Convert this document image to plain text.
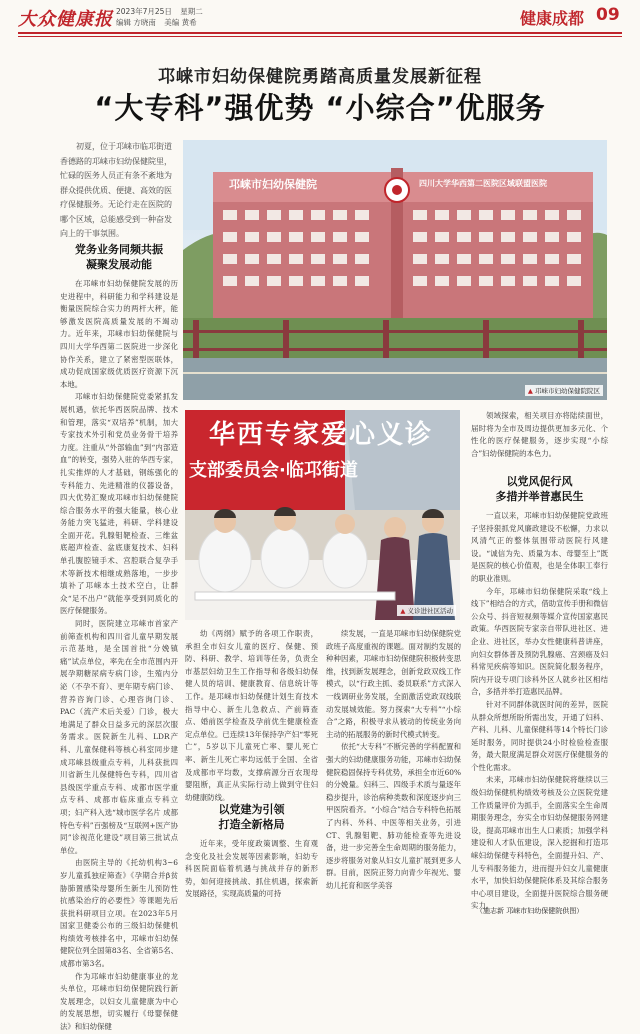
大众健康报 2023年7月25日 星期二
编辑 方晓南 美编 黄希	健康成都 09
邛崃市妇幼保健院勇踏高质量发展新征程
“大专科”强优势 “小综合”优服务
初夏，位于邛崃市临邛街道香德路的邛崃市妇幼保健院里，忙碌的医务人员正有条不紊地为群众提供优质、便捷、高效的医疗保健服务。无论行走在医院的哪个区域，总能感受到一种奋发向上的干事氛围。
邛崃市妇幼保健院	四川大学华西第二医院区域联盟医院
▲ 邛崃市妇幼保健院院区
华西专家爱心义诊
支部委员会·临邛街道
▲ 义诊进社区活动
党务业务同频共振
凝聚发展动能

在邛崃市妇幼保健院发展的历史进程中，科研能力和学科建设是衡量医院综合实力的两杆大秤，能够激发医院高质量发展的不竭动力。近年来，邛崃市妇幼保健院与四川大学华西第二医院进一步深化协作关系，建立了紧密型医联体，成功促成国家级优质医疗资源下沉本地。

邛崃市妇幼保健院党委紧抓发展机遇，依托华西医院品牌、技术和管理，落实“双培养”机制，加大专家技术外引和党员业务骨干培养力度。注重从“外部输血”到“内部造血”的转变，强势入驻的华西专家，扎实推焊的人才基础，钢练强化的专科能力、先进精准的仪器设备，四大优势汇聚成邛崃市妇幼保健院综合服务水平的强大能量，核心业务能力突飞猛进，科研、学科建设全面开花。乳腺钼靶检查、三维盆底超声检查、盆底康复技术、妇科单孔腹腔镜手术、宫腔联合复孕手术等新技术相继成熟落地，一步步填补了邛崃本土技术空白，让群众“足不出户”就能享受到同质化的医疗保健服务。

同时，医院建立邛崃市首家产前筛查机构和四川省儿童早期发展示范基地，是全国首批“分娩镇痛”试点单位，率先在全市范围内开展孕期糖尿病专病门诊，生殖内分泌（不孕不育）、更年期专病门诊、营养咨询门诊、心理咨询门诊、PAC（流产术后关爱）门诊，极大地满足了群众日益多元的深层次服务需求。医院新生儿科、LDR产科、儿童保健科等核心科室同步建成邛崃县级重点专科，儿科获批四川省新生儿保健特色专科，四川省县级医学重点专科、成都市医学重点专科、成都市临床重点专科立项；妇产科入选“城市医学名片 成都特色专科”百强榜及“互联网+医产协同”诊视范化建设”项目第三批试点单位。

由医院主导的《托幼机构3~6岁儿童孤独症筛查》《孕期合并β贫胁肺置感染母婴所生新生儿预防性抗感染治疗的必要性》等课题先后获批科研项目立项。在2023年5月国家卫健委公布的三级妇幼保健机构绩效考核排名中，邛崃市妇幼保健院位列全国第83名、全省第5名、成都市第3名。

作为邛崃市妇幼健康事业的龙头单位，邛崃市妇幼保健院践行新发展理念，以妇女儿童健康为中心的发展思想，切实履行《母婴保健法》和妇幼保健

幼《两纲》赋予的各项工作职责，承担全市妇女儿童的医疗、保健、预防、科研、教学、培训等任务，负责全市基层妇幼卫生工作指导和各级妇幼保健人员的培训、健康教育、信息统计等工作。是邛崃市妇幼保健计划生育技术指导中心、新生儿急救点、产前筛查点、婚前医学检查及孕前优生健康检查定点单位。已连续13年保持孕产妇“零死亡”，5岁以下儿童死亡率、婴儿死亡率、新生儿死亡率均远低于全国、全省及成都市平均数，支撑病源分百农现母婴阻断，真正从实际行动上做到守住妇幼健康防线。

以党建为引领
打造全新格局

近年来，受年度政策调整、生育观念变化及社会发展等因素影响，妇幼专科医院面临着机遇与挑战并存的新形势，如何迎接挑战、抓住机遇，探索新发展路径，实现高质量的可持

续发展，一直是邛崃市妇幼保健院党政班子高度重视的课题。面对制约发展的种种因素，邛崃市妇幼保健院积极转变思维，找到新发展理念，创新党政双线工作模式，以“行政主抓、委员联系”方式深入一线调研业务发展，全面激活党政双线联动发展城效能。努力探索“大专科”“小综合”之路，积极寻求从被动的传统业务向主动的拓展服务的新时代模式转变。

依托“大专科”不断完善的学科配置和强大的妇幼健康服务功能，邛崃市妇幼保健院稳固保持专科优势，承担全市近60%的分娩量。妇科三、四级手术质与量逐年稳步提升，诊治病种类数和深度逐步向三甲医院看齐。“小综合”结合专科特色拓展了内科、外科、中医等相关业务，引进CT、乳腺钼靶、肺功能检查等先进设备，进一步完善全生命周期的服务能力，逐步将服务对象从妇女儿童扩展到更多人群。目前，医院正努力向青少年视光、婴幼儿托育和医学美容

领域探索，相关项目亦将陆续面世，届时将为全市及周边提供更加多元化、个性化的医疗保健服务，逐步实现“小综合”妇幼保健院的本色力。

以党风促行风
多措并举普惠民生

一直以来，邛崃市妇幼保健院党政班子坚持狠抓党风廉政建设不松懈，力求以风清气正的整体氛围带动医院行风建设。“诚信为先、质量为本、母婴至上”既是医院的核心价值观，也是全体职工奉行的职业准则。

今年，邛崃市妇幼保健院采取“线上线下”相结合的方式，借助宣传手册和微信公众号、抖音短视频等媒介宣传国家惠民政策。华西医院专家亲自带队进社区、进企业、进社区，举办女性健康科普讲座，向妇女群体普及预防乳腺癌、宫颈癌及妇科常见疾病等知识。医院简化服务程序，院内开设专项门诊科外区人就乡社区相结合，多措并举打造惠民品牌。

针对不同群体就医时间的差异，医院从群众所想所盼所需出发，开通了妇科、产科、儿科、儿童保健科等14个特长门诊延时服务，同时提供24小时检验检查服务，最大限度满足群众对医疗保健服务的个性化需求。

未来，邛崃市妇幼保健院将继续以三级妇幼保健机构绩效考核及公立医院党建工作质量评价为抓手，全面落实全生命周期服务理念，夯实全市妇幼保健服务网建设，提高邛崃市出生人口素质；加强学科建设和人才队伍建设，深入挖掘和打造邛崃妇幼保健专科特色，全面提升妇、产、儿专科服务能力，进而提升妇女儿童健康水平，加快妇幼保健院体系及其综合服务中心项目建设，全面提升医院综合服务硬实力。

（施志新 邛崃市妇幼保健院供图）
